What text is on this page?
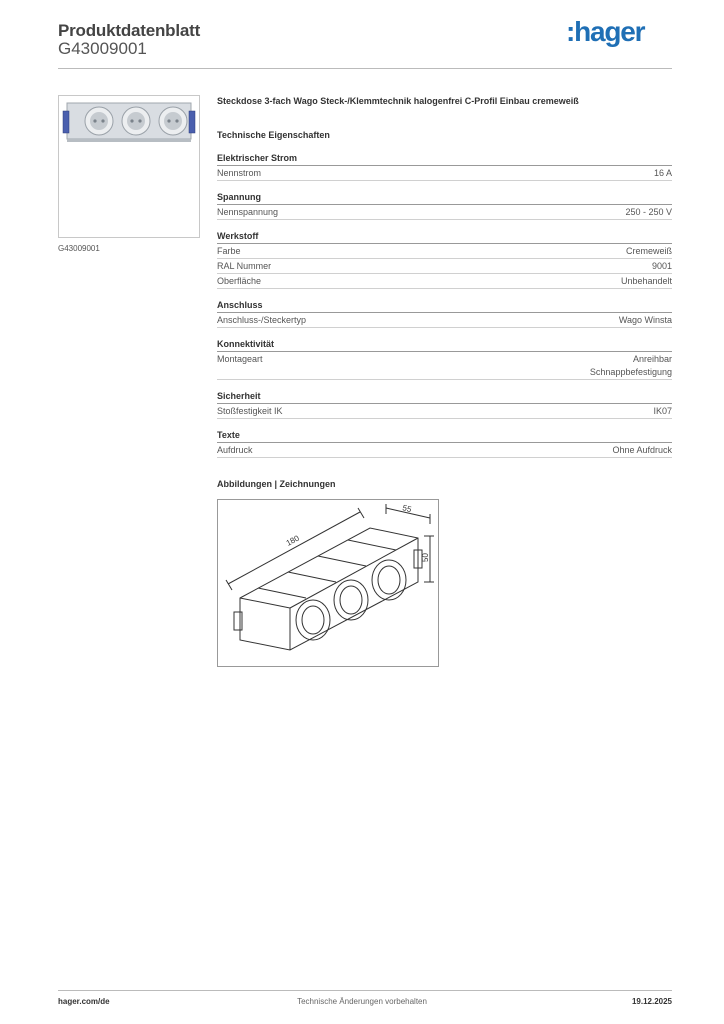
Produktdatenblatt
G43009001
:hager
G43009001
Steckdose 3-fach Wago Steck-/Klemmtechnik halogenfrei C-Profil Einbau cremeweiß
Technische Eigenschaften
Elektrischer Strom
Nennstrom	16 A
Spannung
Nennspannung	250 - 250 V
Werkstoff
Farbe	Cremeweiß
RAL Nummer	9001
Oberfläche	Unbehandelt
Anschluss
Anschluss-/Steckertyp	Wago Winsta
Konnektivität
Montageart	Anreihbar
Schnappbefestigung
Sicherheit
Stoßfestigkeit IK	IK07
Texte
Aufdruck	Ohne Aufdruck
Abbildungen | Zeichnungen
180
55
50
hager.com/de	Technische Änderungen vorbehalten	19.12.2025
